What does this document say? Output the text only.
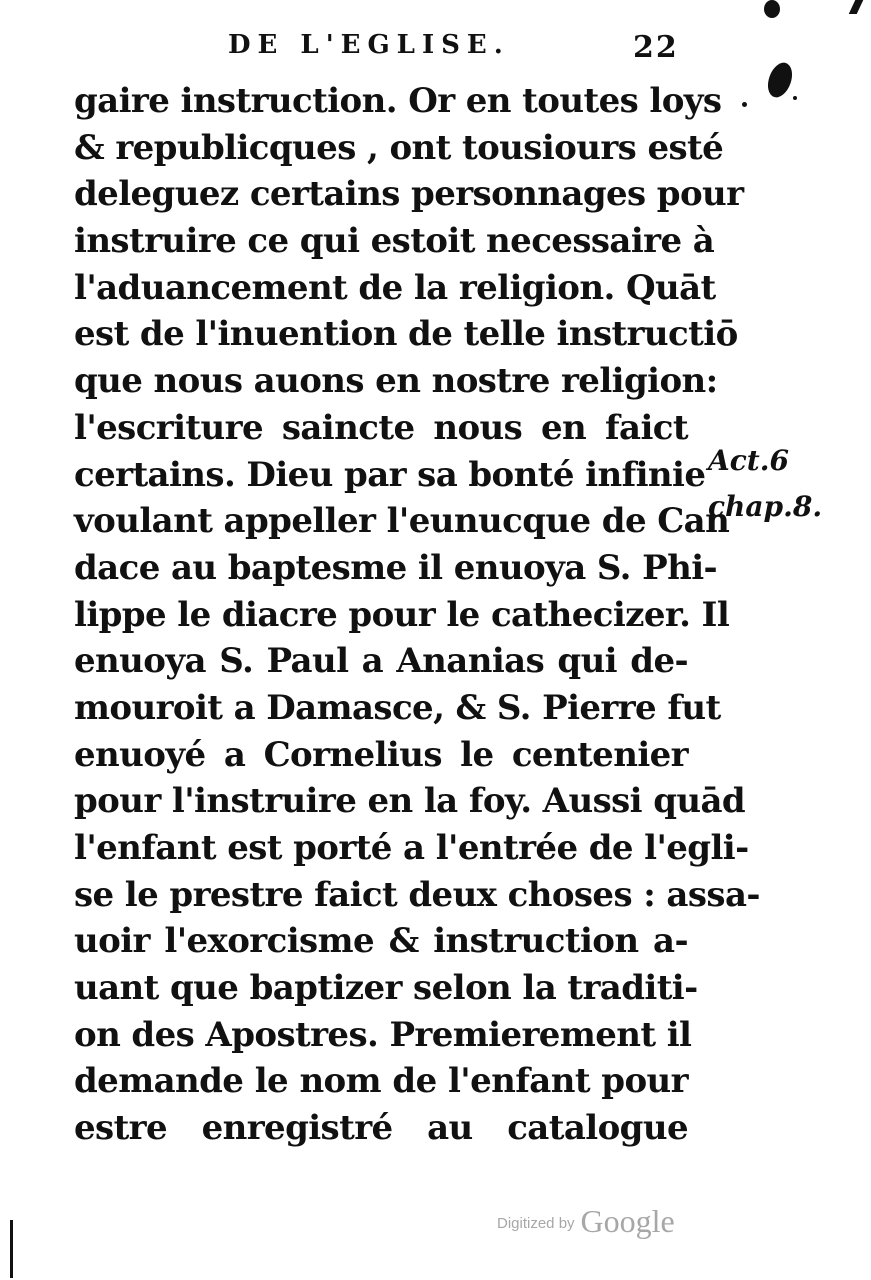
DE L'EGLISE.	22
gaire instruction. Or en toutes loys
& republicques , ont tousiours esté
deleguez certains personnages pour
instruire ce qui estoit necessaire à
l'aduancement de la religion. Quāt
est de l'inuention de telle instructiō
que nous auons en nostre religion:
l'escriture saincte nous en faict
certains. Dieu par sa bonté infinie
voulant appeller l'eunucque de Can
dace au baptesme il enuoya S. Phi-
lippe le diacre pour le cathecizer. Il
enuoya S. Paul a Ananias qui de-
mouroit a Damasce, & S. Pierre fut
enuoyé a Cornelius le centenier
pour l'instruire en la foy. Aussi quād
l'enfant est porté a l'entrée de l'egli-
se le prestre faict deux choses : assa-
uoir l'exorcisme & instruction a-
uant que baptizer selon la traditi-
on des Apostres. Premierement il
demande le nom de l'enfant pour
estre enregistré au catalogue
Act.6
chap.8.
Digitized by Google
